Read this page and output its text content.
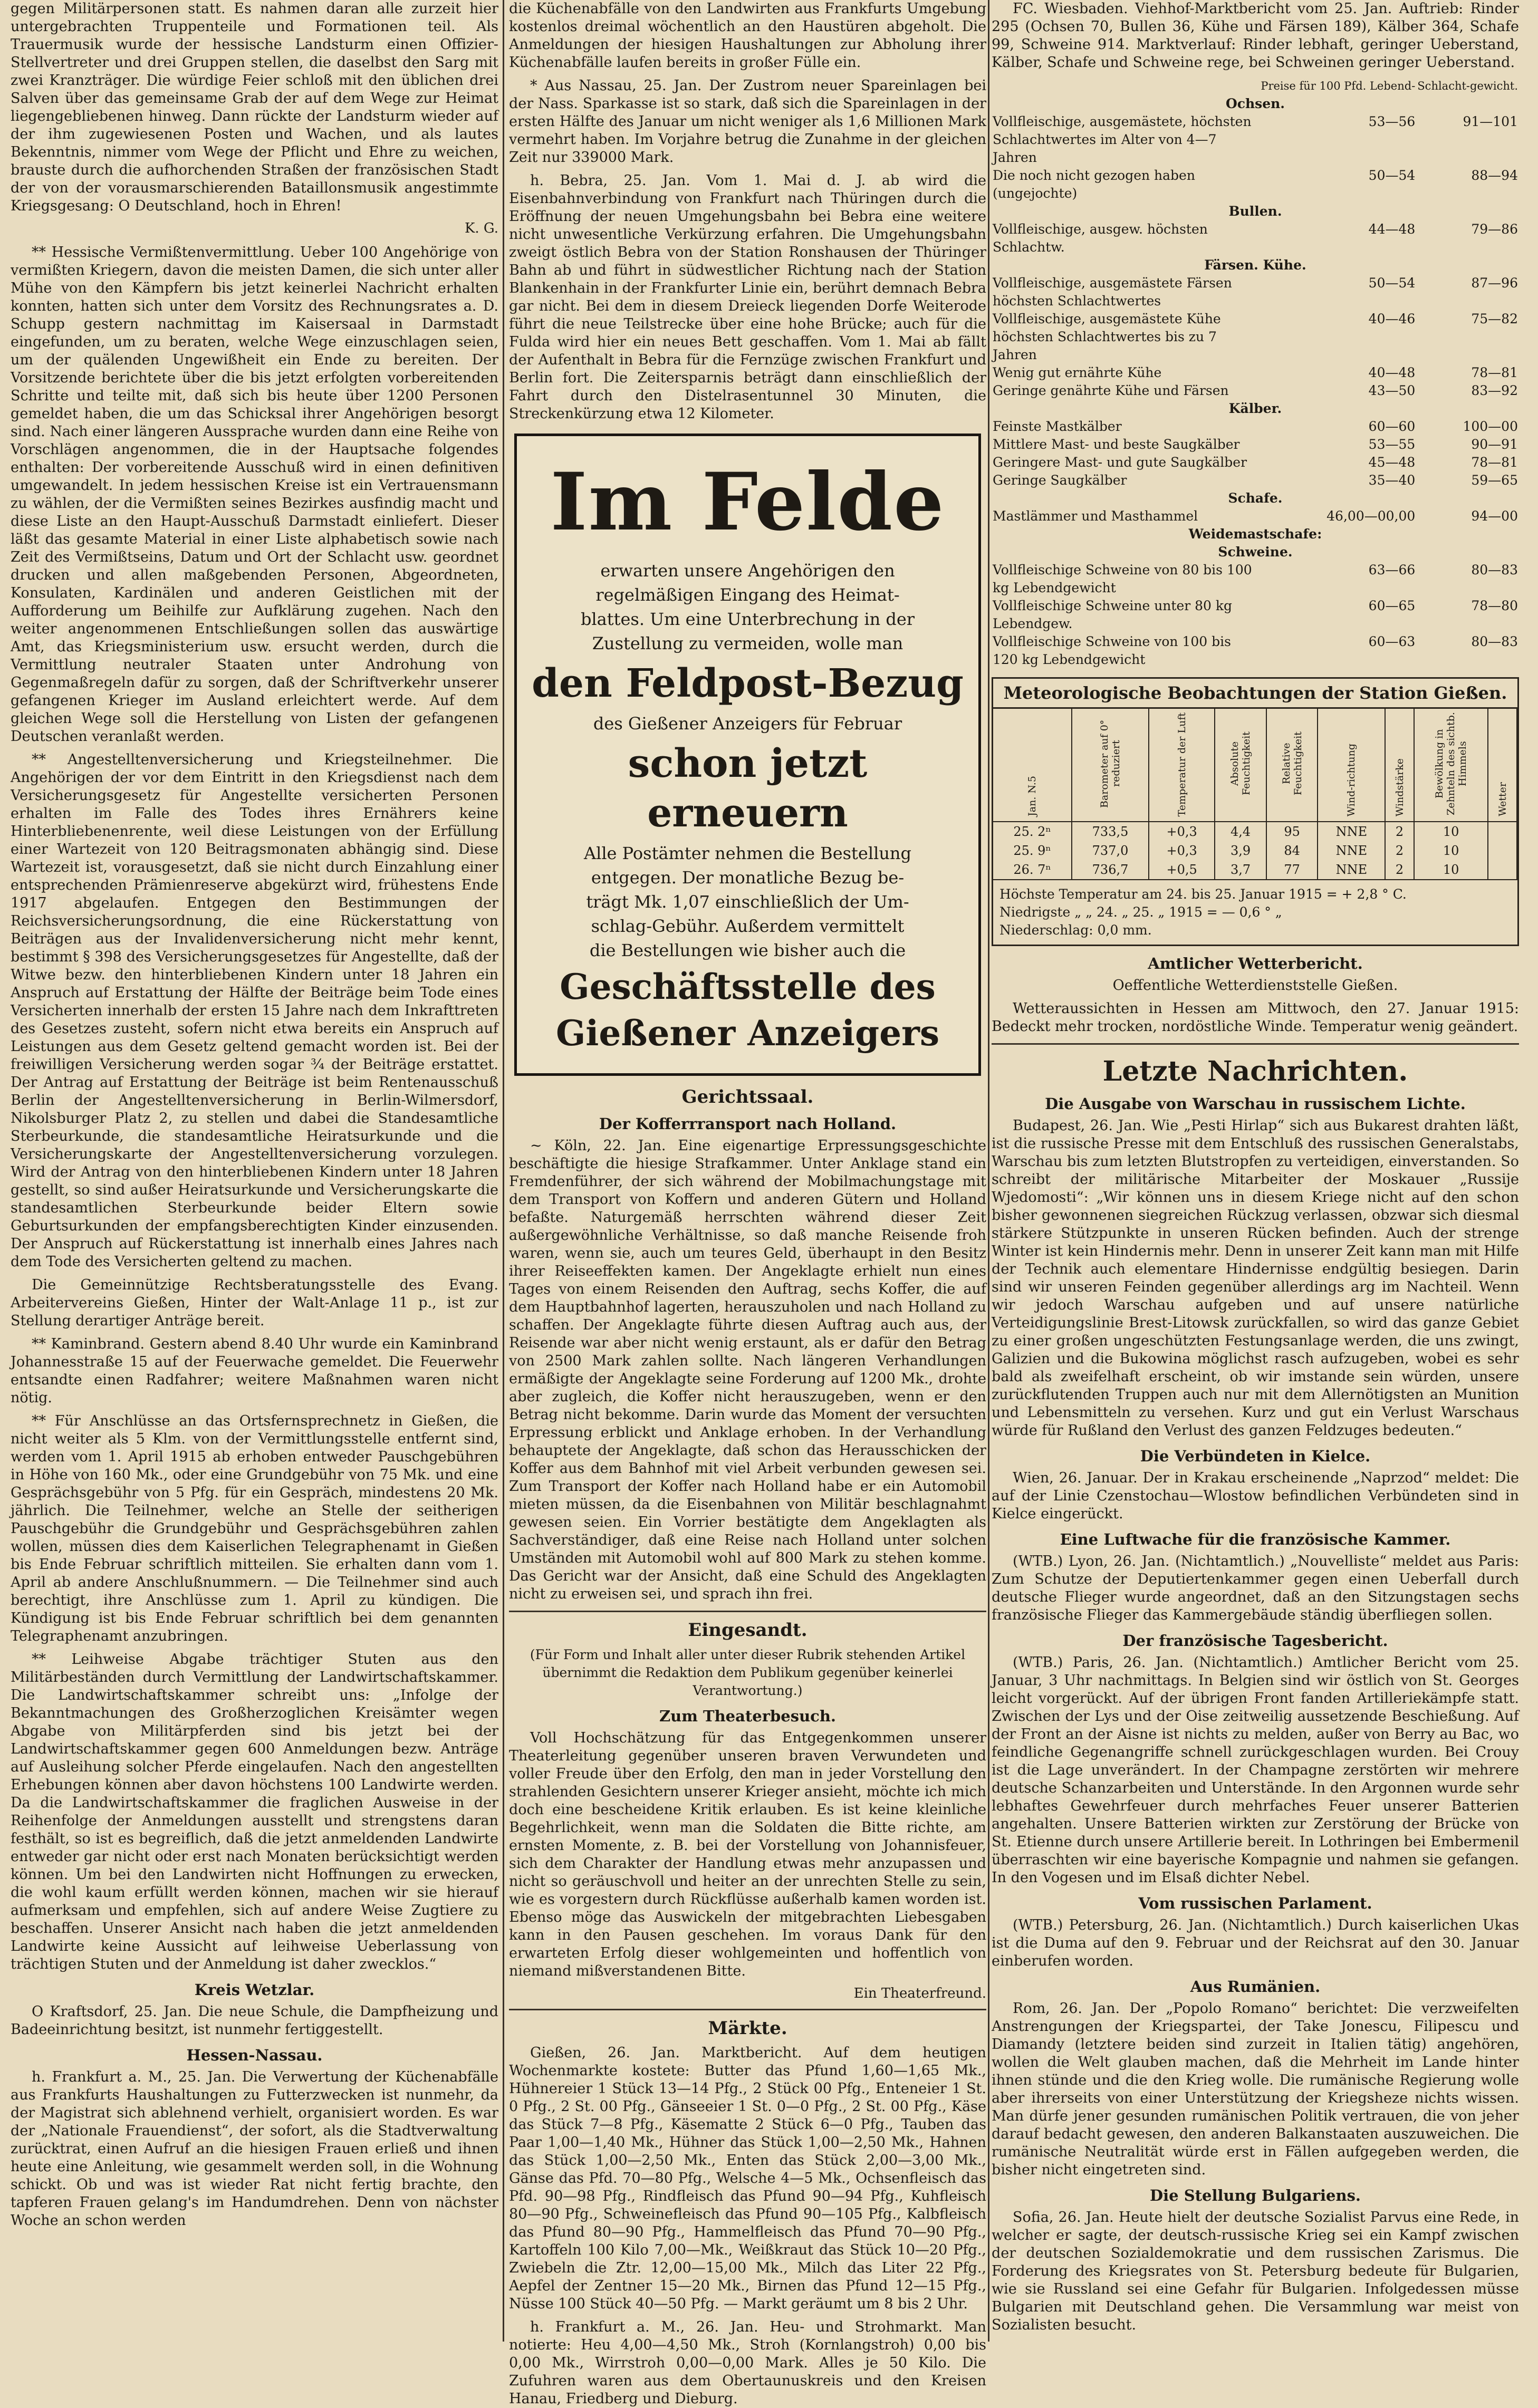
gegen Militärpersonen statt. Es nahmen daran alle zurzeit hier untergebrachten Truppenteile und Formationen teil. Als Trauermusik wurde der hessische Landsturm einen Offizier-Stellvertreter und drei Gruppen stellen, die daselbst den Sarg mit zwei Kranzträger. Die würdige Feier schloß mit den üblichen drei Salven über das gemeinsame Grab der auf dem Wege zur Heimat liegengebliebenen hinweg. Dann rückte der Landsturm wieder auf der ihm zugewiesenen Posten und Wachen, und als lautes Bekenntnis, nimmer vom Wege der Pflicht und Ehre zu weichen, brauste durch die aufhorchenden Straßen der französischen Stadt der von der vorausmarschierenden Bataillonsmusik angestimmte Kriegsgesang: O Deutschland, hoch in Ehren!

K. G.

** Hessische Vermißtenvermittlung. Ueber 100 Angehörige von vermißten Kriegern, davon die meisten Damen, die sich unter aller Mühe von den Kämpfern bis jetzt keinerlei Nachricht erhalten konnten, hatten sich unter dem Vorsitz des Rechnungsrates a. D. Schupp gestern nachmittag im Kaisersaal in Darmstadt eingefunden, um zu beraten, welche Wege einzuschlagen seien, um der quälenden Ungewißheit ein Ende zu bereiten. Der Vorsitzende berichtete über die bis jetzt erfolgten vorbereitenden Schritte und teilte mit, daß sich bis heute über 1200 Personen gemeldet haben, die um das Schicksal ihrer Angehörigen besorgt sind. Nach einer längeren Aussprache wurden dann eine Reihe von Vorschlägen angenommen, die in der Hauptsache folgendes enthalten: Der vorbereitende Ausschuß wird in einen definitiven umgewandelt. In jedem hessischen Kreise ist ein Vertrauensmann zu wählen, der die Vermißten seines Bezirkes ausfindig macht und diese Liste an den Haupt-Ausschuß Darmstadt einliefert. Dieser läßt das gesamte Material in einer Liste alphabetisch sowie nach Zeit des Vermißtseins, Datum und Ort der Schlacht usw. geordnet drucken und allen maßgebenden Personen, Abgeordneten, Konsulaten, Kardinälen und anderen Geistlichen mit der Aufforderung um Beihilfe zur Aufklärung zugehen. Nach den weiter angenommenen Entschließungen sollen das auswärtige Amt, das Kriegsministerium usw. ersucht werden, durch die Vermittlung neutraler Staaten unter Androhung von Gegenmaßregeln dafür zu sorgen, daß der Schriftverkehr unserer gefangenen Krieger im Ausland erleichtert werde. Auf dem gleichen Wege soll die Herstellung von Listen der gefangenen Deutschen veranlaßt werden.

** Angestelltenversicherung und Kriegsteilnehmer. Die Angehörigen der vor dem Eintritt in den Kriegsdienst nach dem Versicherungsgesetz für Angestellte versicherten Personen erhalten im Falle des Todes ihres Ernährers keine Hinterbliebenenrente, weil diese Leistungen von der Erfüllung einer Wartezeit von 120 Beitragsmonaten abhängig sind. Diese Wartezeit ist, vorausgesetzt, daß sie nicht durch Einzahlung einer entsprechenden Prämienreserve abgekürzt wird, frühestens Ende 1917 abgelaufen. Entgegen den Bestimmungen der Reichsversicherungsordnung, die eine Rückerstattung von Beiträgen aus der Invalidenversicherung nicht mehr kennt, bestimmt § 398 des Versicherungsgesetzes für Angestellte, daß der Witwe bezw. den hinterbliebenen Kindern unter 18 Jahren ein Anspruch auf Erstattung der Hälfte der Beiträge beim Tode eines Versicherten innerhalb der ersten 15 Jahre nach dem Inkrafttreten des Gesetzes zusteht, sofern nicht etwa bereits ein Anspruch auf Leistungen aus dem Gesetz geltend gemacht worden ist. Bei der freiwilligen Versicherung werden sogar ¾ der Beiträge erstattet. Der Antrag auf Erstattung der Beiträge ist beim Rentenausschuß Berlin der Angestelltenversicherung in Berlin-Wilmersdorf, Nikolsburger Platz 2, zu stellen und dabei die Standesamtliche Sterbeurkunde, die standesamtliche Heiratsurkunde und die Versicherungskarte der Angestelltenversicherung vorzulegen. Wird der Antrag von den hinterbliebenen Kindern unter 18 Jahren gestellt, so sind außer Heiratsurkunde und Versicherungskarte die standesamtlichen Sterbeurkunde beider Eltern sowie Geburtsurkunden der empfangsberechtigten Kinder einzusenden. Der Anspruch auf Rückerstattung ist innerhalb eines Jahres nach dem Tode des Versicherten geltend zu machen.

Die Gemeinnützige Rechtsberatungsstelle des Evang. Arbeitervereins Gießen, Hinter der Walt-Anlage 11 p., ist zur Stellung derartiger Anträge bereit.

** Kaminbrand. Gestern abend 8.40 Uhr wurde ein Kaminbrand Johannesstraße 15 auf der Feuerwache gemeldet. Die Feuerwehr entsandte einen Radfahrer; weitere Maßnahmen waren nicht nötig.

** Für Anschlüsse an das Ortsfernsprechnetz in Gießen, die nicht weiter als 5 Klm. von der Vermittlungsstelle entfernt sind, werden vom 1. April 1915 ab erhoben entweder Pauschgebühren in Höhe von 160 Mk., oder eine Grundgebühr von 75 Mk. und eine Gesprächsgebühr von 5 Pfg. für ein Gespräch, mindestens 20 Mk. jährlich. Die Teilnehmer, welche an Stelle der seitherigen Pauschgebühr die Grundgebühr und Gesprächsgebühren zahlen wollen, müssen dies dem Kaiserlichen Telegraphenamt in Gießen bis Ende Februar schriftlich mitteilen. Sie erhalten dann vom 1. April ab andere Anschlußnummern. — Die Teilnehmer sind auch berechtigt, ihre Anschlüsse zum 1. April zu kündigen. Die Kündigung ist bis Ende Februar schriftlich bei dem genannten Telegraphenamt anzubringen.

** Leihweise Abgabe trächtiger Stuten aus den Militärbeständen durch Vermittlung der Landwirtschaftskammer. Die Landwirtschaftskammer schreibt uns: „Infolge der Bekanntmachungen des Großherzoglichen Kreisämter wegen Abgabe von Militärpferden sind bis jetzt bei der Landwirtschaftskammer gegen 600 Anmeldungen bezw. Anträge auf Ausleihung solcher Pferde eingelaufen. Nach den angestellten Erhebungen können aber davon höchstens 100 Landwirte werden. Da die Landwirtschaftskammer die fraglichen Ausweise in der Reihenfolge der Anmeldungen ausstellt und strengstens daran festhält, so ist es begreiflich, daß die jetzt anmeldenden Landwirte entweder gar nicht oder erst nach Monaten berücksichtigt werden können. Um bei den Landwirten nicht Hoffnungen zu erwecken, die wohl kaum erfüllt werden können, machen wir sie hierauf aufmerksam und empfehlen, sich auf andere Weise Zugtiere zu beschaffen. Unserer Ansicht nach haben die jetzt anmeldenden Landwirte keine Aussicht auf leihweise Ueberlassung von trächtigen Stuten und der Anmeldung ist daher zwecklos.“

Kreis Wetzlar.

O Kraftsdorf, 25. Jan. Die neue Schule, die Dampfheizung und Badeeinrichtung besitzt, ist nunmehr fertiggestellt.

Hessen-Nassau.

h. Frankfurt a. M., 25. Jan. Die Verwertung der Küchenabfälle aus Frankfurts Haushaltungen zu Futterzwecken ist nunmehr, da der Magistrat sich ablehnend verhielt, organisiert worden. Es war der „Nationale Frauendienst“, der sofort, als die Stadtverwaltung zurücktrat, einen Aufruf an die hiesigen Frauen erließ und ihnen heute eine Anleitung, wie gesammelt werden soll, in die Wohnung schickt. Ob und was ist wieder Rat nicht fertig brachte, den tapferen Frauen gelang's im Handumdrehen. Denn von nächster Woche an schon werden

die Küchenabfälle von den Landwirten aus Frankfurts Umgebung kostenlos dreimal wöchentlich an den Haustüren abgeholt. Die Anmeldungen der hiesigen Haushaltungen zur Abholung ihrer Küchenabfälle laufen bereits in großer Fülle ein.

* Aus Nassau, 25. Jan. Der Zustrom neuer Spareinlagen bei der Nass. Sparkasse ist so stark, daß sich die Spareinlagen in der ersten Hälfte des Januar um nicht weniger als 1,6 Millionen Mark vermehrt haben. Im Vorjahre betrug die Zunahme in der gleichen Zeit nur 339000 Mark.

h. Bebra, 25. Jan. Vom 1. Mai d. J. ab wird die Eisenbahnverbindung von Frankfurt nach Thüringen durch die Eröffnung der neuen Umgehungsbahn bei Bebra eine weitere nicht unwesentliche Verkürzung erfahren. Die Umgehungsbahn zweigt östlich Bebra von der Station Ronshausen der Thüringer Bahn ab und führt in südwestlicher Richtung nach der Station Blankenhain in der Frankfurter Linie ein, berührt demnach Bebra gar nicht. Bei dem in diesem Dreieck liegenden Dorfe Weiterode führt die neue Teilstrecke über eine hohe Brücke; auch für die Fulda wird hier ein neues Bett geschaffen. Vom 1. Mai ab fällt der Aufenthalt in Bebra für die Fernzüge zwischen Frankfurt und Berlin fort. Die Zeitersparnis beträgt dann einschließlich der Fahrt durch den Distelrasentunnel 30 Minuten, die Streckenkürzung etwa 12 Kilometer.

Im Felde

erwarten unsere Angehörigen den

regelmäßigen Eingang des Heimat-

blattes. Um eine Unterbrechung in der

Zustellung zu vermeiden, wolle man

den Feldpost-Bezug

des Gießener Anzeigers für Februar

schon jetzt erneuern

Alle Postämter nehmen die Bestellung

entgegen. Der monatliche Bezug be-

trägt Mk. 1,07 einschließlich der Um-

schlag-Gebühr. Außerdem vermittelt

die Bestellungen wie bisher auch die

Geschäftsstelle des

Gießener Anzeigers

Gerichtssaal.
Der Kofferrransport nach Holland.

~ Köln, 22. Jan. Eine eigenartige Erpressungsgeschichte beschäftigte die hiesige Strafkammer. Unter Anklage stand ein Fremdenführer, der sich während der Mobilmachungstage mit dem Transport von Koffern und anderen Gütern und Holland befaßte. Naturgemäß herrschten während dieser Zeit außergewöhnliche Verhältnisse, so daß manche Reisende froh waren, wenn sie, auch um teures Geld, überhaupt in den Besitz ihrer Reiseeffekten kamen. Der Angeklagte erhielt nun eines Tages von einem Reisenden den Auftrag, sechs Koffer, die auf dem Hauptbahnhof lagerten, herauszuholen und nach Holland zu schaffen. Der Angeklagte führte diesen Auftrag auch aus, der Reisende war aber nicht wenig erstaunt, als er dafür den Betrag von 2500 Mark zahlen sollte. Nach längeren Verhandlungen ermäßigte der Angeklagte seine Forderung auf 1200 Mk., drohte aber zugleich, die Koffer nicht herauszugeben, wenn er den Betrag nicht bekomme. Darin wurde das Moment der versuchten Erpressung erblickt und Anklage erhoben. In der Verhandlung behauptete der Angeklagte, daß schon das Herausschicken der Koffer aus dem Bahnhof mit viel Arbeit verbunden gewesen sei. Zum Transport der Koffer nach Holland habe er ein Automobil mieten müssen, da die Eisenbahnen von Militär beschlagnahmt gewesen seien. Ein Vorrier bestätigte dem Angeklagten als Sachverständiger, daß eine Reise nach Holland unter solchen Umständen mit Automobil wohl auf 800 Mark zu stehen komme. Das Gericht war der Ansicht, daß eine Schuld des Angeklagten nicht zu erweisen sei, und sprach ihn frei.

Eingesandt.

(Für Form und Inhalt aller unter dieser Rubrik stehenden Artikel übernimmt die Redaktion dem Publikum gegenüber keinerlei Verantwortung.)

Zum Theaterbesuch.

Voll Hochschätzung für das Entgegenkommen unserer Theaterleitung gegenüber unseren braven Verwundeten und voller Freude über den Erfolg, den man in jeder Vorstellung den strahlenden Gesichtern unserer Krieger ansieht, möchte ich mich doch eine bescheidene Kritik erlauben. Es ist keine kleinliche Begehrlichkeit, wenn man die Soldaten die Bitte richte, am ernsten Momente, z. B. bei der Vorstellung von Johannisfeuer, sich dem Charakter der Handlung etwas mehr anzupassen und nicht so geräuschvoll und heiter an der unrechten Stelle zu sein, wie es vorgestern durch Rückflüsse außerhalb kamen worden ist. Ebenso möge das Auswickeln der mitgebrachten Liebesgaben kann in den Pausen geschehen. Im voraus Dank für den erwarteten Erfolg dieser wohlgemeinten und hoffentlich von niemand mißverstandenen Bitte.

Ein Theaterfreund.

Märkte.

Gießen, 26. Jan. Marktbericht. Auf dem heutigen Wochenmarkte kostete: Butter das Pfund 1,60—1,65 Mk., Hühnereier 1 Stück 13—14 Pfg., 2 Stück 00 Pfg., Enteneier 1 St. 0 Pfg., 2 St. 00 Pfg., Gänseeier 1 St. 0—0 Pfg., 2 St. 00 Pfg., Käse das Stück 7—8 Pfg., Käsematte 2 Stück 6—0 Pfg., Tauben das Paar 1,00—1,40 Mk., Hühner das Stück 1,00—2,50 Mk., Hahnen das Stück 1,00—2,50 Mk., Enten das Stück 2,00—3,00 Mk., Gänse das Pfd. 70—80 Pfg., Welsche 4—5 Mk., Ochsenfleisch das Pfd. 90—98 Pfg., Rindfleisch das Pfund 90—94 Pfg., Kuhfleisch 80—90 Pfg., Schweinefleisch das Pfund 90—105 Pfg., Kalbfleisch das Pfund 80—90 Pfg., Hammelfleisch das Pfund 70—90 Pfg., Kartoffeln 100 Kilo 7,00—Mk., Weißkraut das Stück 10—20 Pfg., Zwiebeln die Ztr. 12,00—15,00 Mk., Milch das Liter 22 Pfg., Aepfel der Zentner 15—20 Mk., Birnen das Pfund 12—15 Pfg., Nüsse 100 Stück 40—50 Pfg. — Markt geräumt um 8 bis 2 Uhr.

h. Frankfurt a. M., 26. Jan. Heu- und Strohmarkt. Man notierte: Heu 4,00—4,50 Mk., Stroh (Kornlangstroh) 0,00 bis 0,00 Mk., Wirrstroh 0,00—0,00 Mark. Alles je 50 Kilo. Die Zufuhren waren aus dem Obertaunuskreis und den Kreisen Hanau, Friedberg und Dieburg.

FC. Wiesbaden. Viehhof-Marktbericht vom 25. Jan. Auftrieb: Rinder 295 (Ochsen 70, Bullen 36, Kühe und Färsen 189), Kälber 364, Schafe 99, Schweine 914. Marktverlauf: Rinder lebhaft, geringer Ueberstand, Kälber, Schafe und Schweine rege, bei Schweinen geringer Ueberstand.

	Preise für 100 Pfd. Lebend-	Schlacht-gewicht.
Ochsen.		
Vollfleischige, ausgemästete, höchsten Schlachtwertes im Alter von 4—7 Jahren	53—56	91—101
Die noch nicht gezogen haben (ungejochte)	50—54	88—94
Bullen.		
Vollfleischige, ausgew. höchsten Schlachtw.	44—48	79—86
Färsen. Kühe.		
Vollfleischige, ausgemästete Färsen höchsten Schlachtwertes	50—54	87—96
Vollfleischige, ausgemästete Kühe höchsten Schlachtwertes bis zu 7 Jahren	40—46	75—82
Wenig gut ernährte Kühe	40—48	78—81
Geringe genährte Kühe und Färsen	43—50	83—92
Kälber.		
Feinste Mastkälber	60—60	100—00
Mittlere Mast- und beste Saugkälber	53—55	90—91
Geringere Mast- und gute Saugkälber	45—48	78—81
Geringe Saugkälber	35—40	59—65
Schafe.		
Mastlämmer und Masthammel	46,00—00,00	94—00
Weidemastschafe:		
Schweine.		
Vollfleischige Schweine von 80 bis 100 kg Lebendgewicht	63—66	80—83
Vollfleischige Schweine unter 80 kg Lebendgew.	60—65	78—80
Vollfleischige Schweine von 100 bis 120 kg Lebendgewicht	60—63	80—83
Meteorologische Beobachtungen der Station Gießen.
Jan. N.5	Barometer auf 0° reduziert	Temperatur der Luft	Absolute Feuchtigkeit	Relative Feuchtigkeit	Wind-richtung	Windstärke	Bewölkung in Zehnteln des sichtb. Himmels	Wetter
25. 2ⁿ	733,5	+0,3	4,4	95	NNE	2	10	
25. 9ⁿ	737,0	+0,3	3,9	84	NNE	2	10	
26. 7ⁿ	736,7	+0,5	3,7	77	NNE	2	10	
Höchste Temperatur am 24. bis 25. Januar 1915 = + 2,8 ° C.
Niedrigste „ „ 24. „ 25. „ 1915 = — 0,6 ° „
Niederschlag: 0,0 mm.
Amtlicher Wetterbericht.

Oeffentliche Wetterdienststelle Gießen.

Wetteraussichten in Hessen am Mittwoch, den 27. Januar 1915: Bedeckt mehr trocken, nordöstliche Winde. Temperatur wenig geändert.

Letzte Nachrichten.
Die Ausgabe von Warschau in russischem Lichte.

Budapest, 26. Jan. Wie „Pesti Hirlap“ sich aus Bukarest drahten läßt, ist die russische Presse mit dem Entschluß des russischen Generalstabs, Warschau bis zum letzten Blutstropfen zu verteidigen, einverstanden. So schreibt der militärische Mitarbeiter der Moskauer „Russije Wjedomosti“: „Wir können uns in diesem Kriege nicht auf den schon bisher gewonnenen siegreichen Rückzug verlassen, obzwar sich diesmal stärkere Stützpunkte in unseren Rücken befinden. Auch der strenge Winter ist kein Hindernis mehr. Denn in unserer Zeit kann man mit Hilfe der Technik auch elementare Hindernisse endgültig besiegen. Darin sind wir unseren Feinden gegenüber allerdings arg im Nachteil. Wenn wir jedoch Warschau aufgeben und auf unsere natürliche Verteidigungslinie Brest-Litowsk zurückfallen, so wird das ganze Gebiet zu einer großen ungeschützten Festungsanlage werden, die uns zwingt, Galizien und die Bukowina möglichst rasch aufzugeben, wobei es sehr bald als zweifelhaft erscheint, ob wir imstande sein würden, unsere zurückflutenden Truppen auch nur mit dem Allernötigsten an Munition und Lebensmitteln zu versehen. Kurz und gut ein Verlust Warschaus würde für Rußland den Verlust des ganzen Feldzuges bedeuten.“

Die Verbündeten in Kielce.

Wien, 26. Januar. Der in Krakau erscheinende „Naprzod“ meldet: Die auf der Linie Czenstochau—Wlostow befindlichen Verbündeten sind in Kielce eingerückt.

Eine Luftwache für die französische Kammer.

(WTB.) Lyon, 26. Jan. (Nichtamtlich.) „Nouvelliste“ meldet aus Paris: Zum Schutze der Deputiertenkammer gegen einen Ueberfall durch deutsche Flieger wurde angeordnet, daß an den Sitzungstagen sechs französische Flieger das Kammergebäude ständig überfliegen sollen.

Der französische Tagesbericht.

(WTB.) Paris, 26. Jan. (Nichtamtlich.) Amtlicher Bericht vom 25. Januar, 3 Uhr nachmittags. In Belgien sind wir östlich von St. Georges leicht vorgerückt. Auf der übrigen Front fanden Artilleriekämpfe statt. Zwischen der Lys und der Oise zeitweilig aussetzende Beschießung. Auf der Front an der Aisne ist nichts zu melden, außer von Berry au Bac, wo feindliche Gegenangriffe schnell zurückgeschlagen wurden. Bei Crouy ist die Lage unverändert. In der Champagne zerstörten wir mehrere deutsche Schanzarbeiten und Unterstände. In den Argonnen wurde sehr lebhaftes Gewehrfeuer durch mehrfaches Feuer unserer Batterien angehalten. Unsere Batterien wirkten zur Zerstörung der Brücke von St. Etienne durch unsere Artillerie bereit. In Lothringen bei Embermenil überraschten wir eine bayerische Kompagnie und nahmen sie gefangen. In den Vogesen und im Elsaß dichter Nebel.

Vom russischen Parlament.

(WTB.) Petersburg, 26. Jan. (Nichtamtlich.) Durch kaiserlichen Ukas ist die Duma auf den 9. Februar und der Reichsrat auf den 30. Januar einberufen worden.

Aus Rumänien.

Rom, 26. Jan. Der „Popolo Romano“ berichtet: Die verzweifelten Anstrengungen der Kriegspartei, der Take Jonescu, Filipescu und Diamandy (letztere beiden sind zurzeit in Italien tätig) angehören, wollen die Welt glauben machen, daß die Mehrheit im Lande hinter ihnen stünde und die den Krieg wolle. Die rumänische Regierung wolle aber ihrerseits von einer Unterstützung der Kriegsheze nichts wissen. Man dürfe jener gesunden rumänischen Politik vertrauen, die von jeher darauf bedacht gewesen, den anderen Balkanstaaten auszuweichen. Die rumänische Neutralität würde erst in Fällen aufgegeben werden, die bisher nicht eingetreten sind.

Die Stellung Bulgariens.

Sofia, 26. Jan. Heute hielt der deutsche Sozialist Parvus eine Rede, in welcher er sagte, der deutsch-russische Krieg sei ein Kampf zwischen der deutschen Sozialdemokratie und dem russischen Zarismus. Die Forderung des Kriegsrates von St. Petersburg bedeute für Bulgarien, wie sie Russland sei eine Gefahr für Bulgarien. Infolgedessen müsse Bulgarien mit Deutschland gehen. Die Versammlung war meist von Sozialisten besucht.
